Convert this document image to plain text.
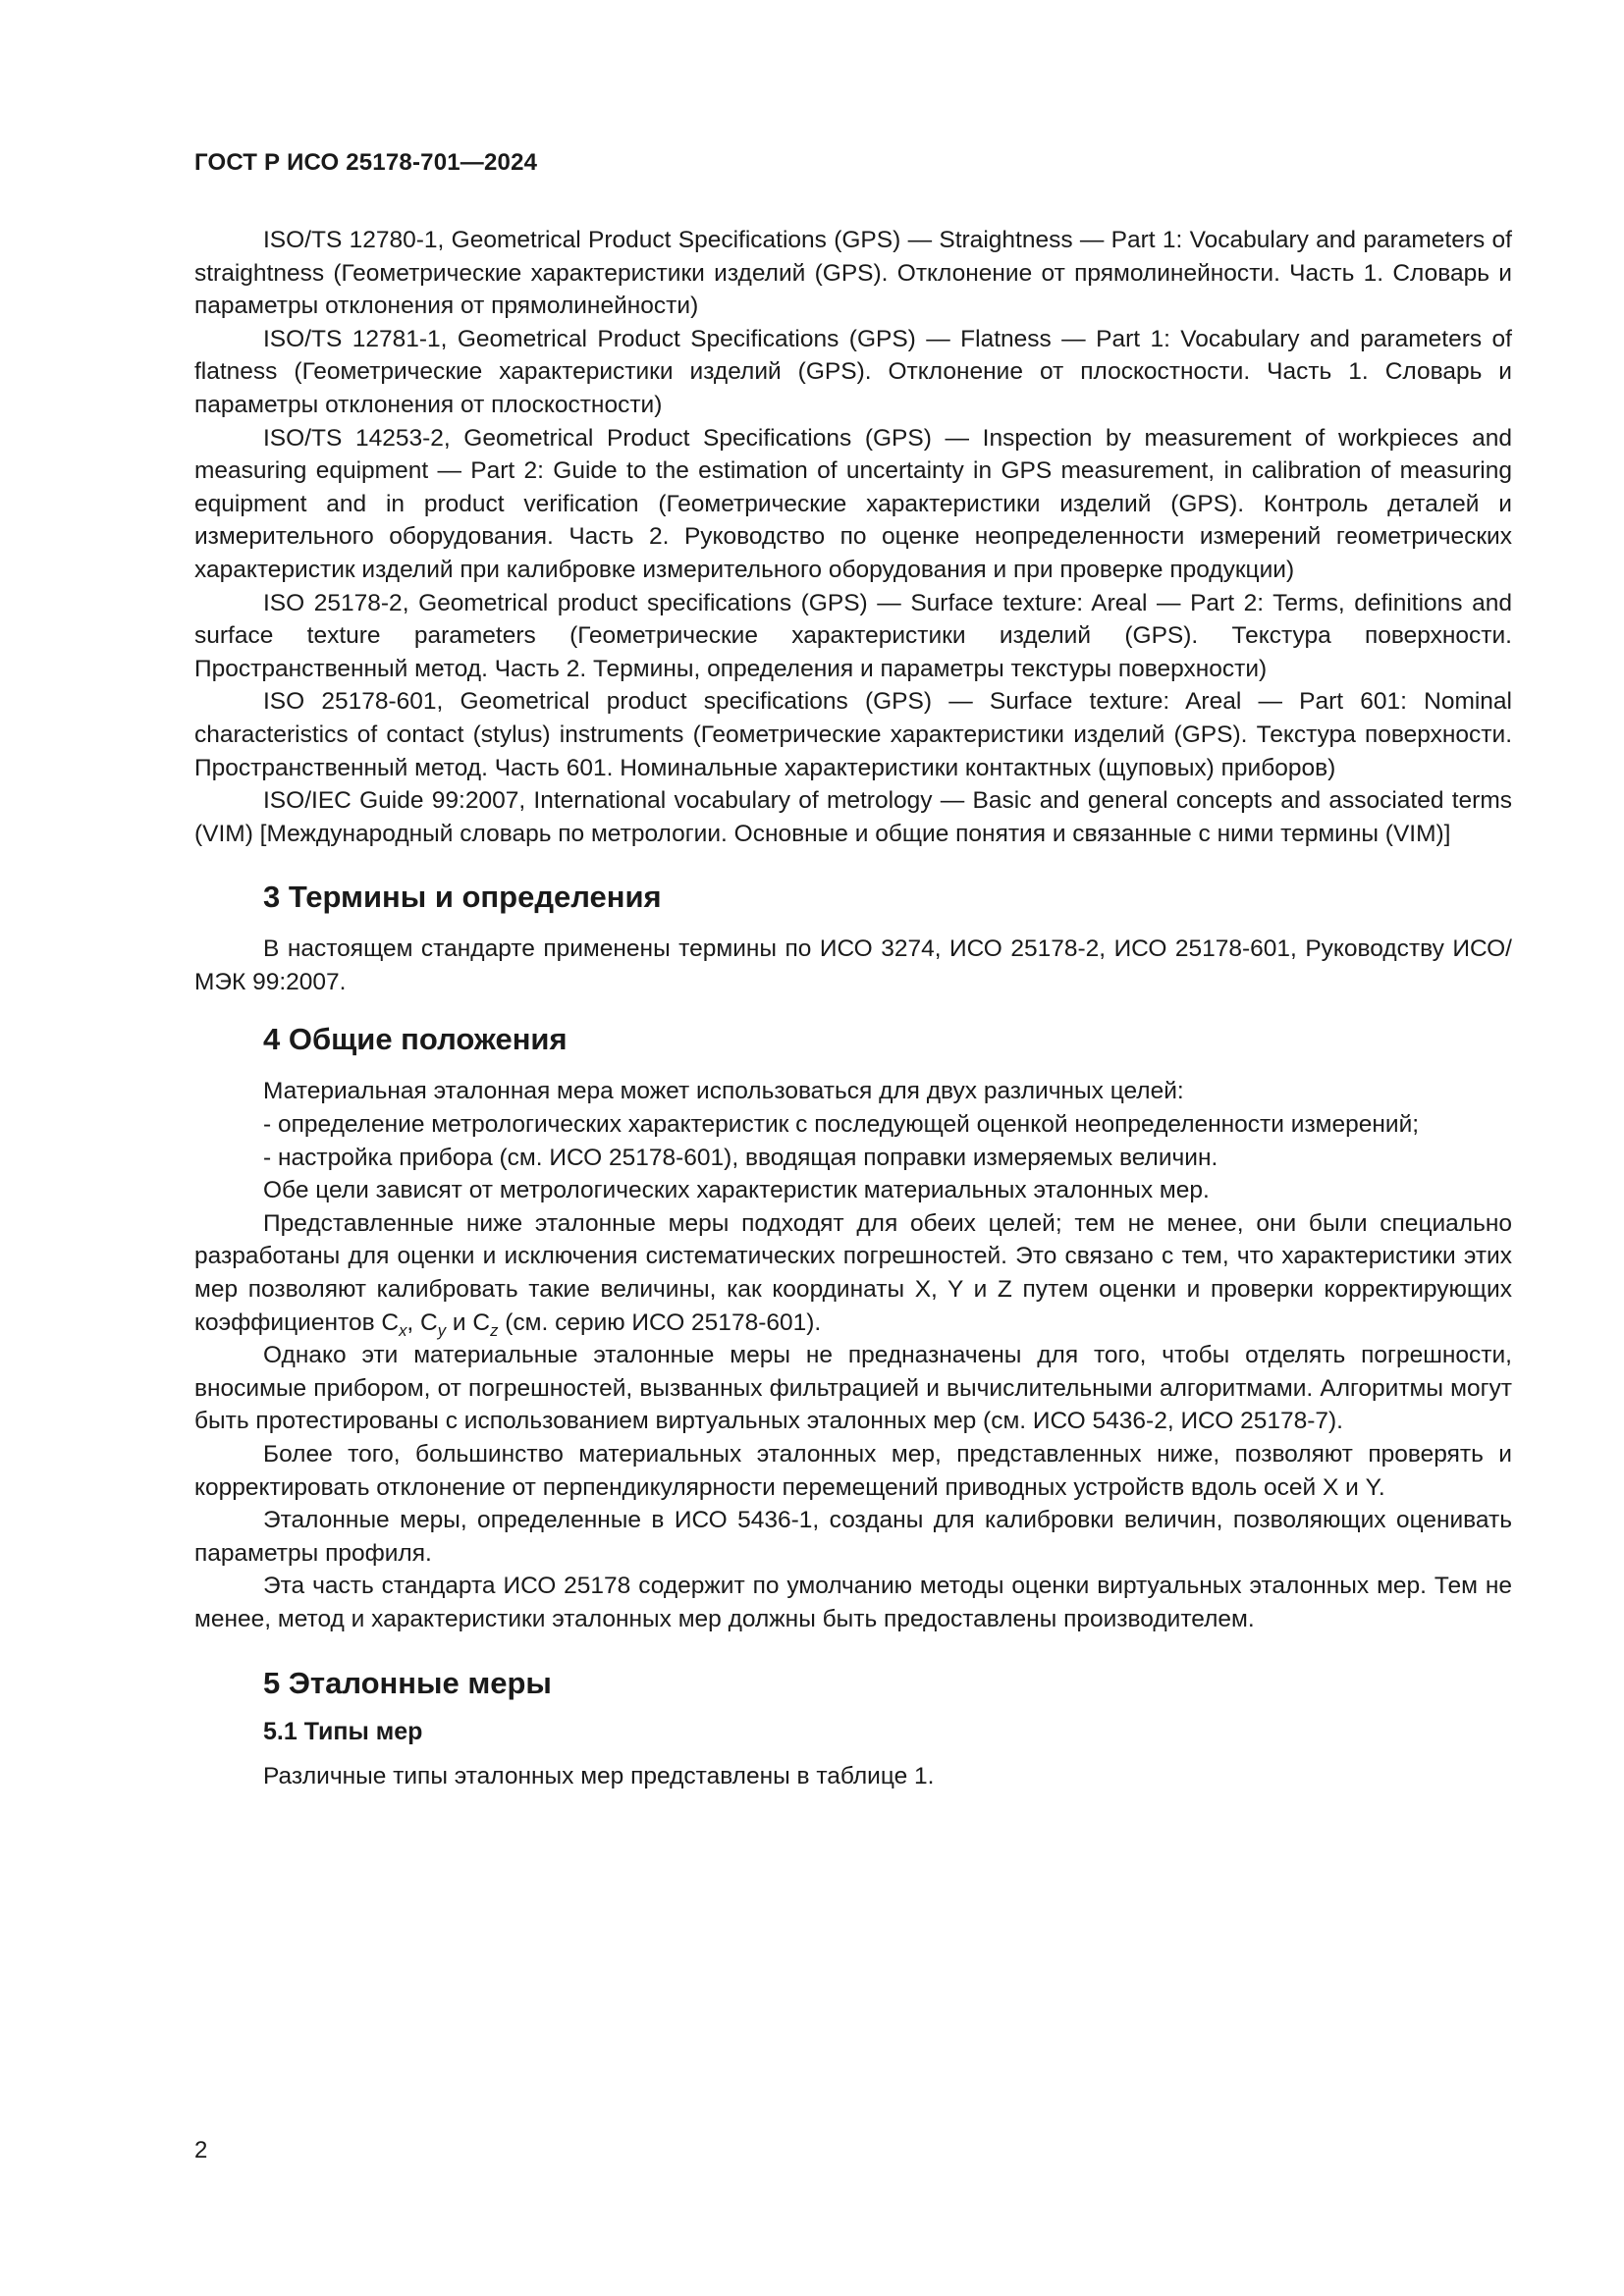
ГОСТ Р ИСО 25178-701—2024

ISO/TS 12780-1, Geometrical Product Specifications (GPS) — Straightness — Part 1: Vocabulary and parameters of straightness (Геометрические характеристики изделий (GPS). Отклонение от прямолинейности. Часть 1. Словарь и параметры отклонения от прямолинейности)

ISO/TS 12781-1, Geometrical Product Specifications (GPS) — Flatness — Part 1: Vocabulary and parameters of flatness (Геометрические характеристики изделий (GPS). Отклонение от плоскостности. Часть 1. Словарь и параметры отклонения от плоскостности)

ISO/TS 14253-2, Geometrical Product Specifications (GPS) — Inspection by measurement of workpieces and measuring equipment — Part 2: Guide to the estimation of uncertainty in GPS measurement, in calibration of measuring equipment and in product verification (Геометрические характеристики изделий (GPS). Контроль деталей и измерительного оборудования. Часть 2. Руководство по оценке неопределенности измерений геометрических характеристик изделий при калибровке измерительного оборудования и при проверке продукции)

ISO 25178-2, Geometrical product specifications (GPS) — Surface texture: Areal — Part 2: Terms, definitions and surface texture parameters (Геометрические характеристики изделий (GPS). Текстура поверхности. Пространственный метод. Часть 2. Термины, определения и параметры текстуры поверхности)

ISO 25178-601, Geometrical product specifications (GPS) — Surface texture: Areal — Part 601: Nominal characteristics of contact (stylus) instruments (Геометрические характеристики изделий (GPS). Текстура поверхности. Пространственный метод. Часть 601. Номинальные характеристики контактных (щуповых) приборов)

ISO/IEC Guide 99:2007, International vocabulary of metrology — Basic and general concepts and associated terms (VIM) [Международный словарь по метрологии. Основные и общие понятия и связанные с ними термины (VIM)]

3 Термины и определения

В настоящем стандарте применены термины по ИСО 3274, ИСО 25178-2, ИСО 25178-601, Руководству ИСО/МЭК 99:2007.

4 Общие положения

Материальная эталонная мера может использоваться для двух различных целей:

- определение метрологических характеристик с последующей оценкой неопределенности измерений;

- настройка прибора (см. ИСО 25178-601), вводящая поправки измеряемых величин.

Обе цели зависят от метрологических характеристик материальных эталонных мер.

Представленные ниже эталонные меры подходят для обеих целей; тем не менее, они были специально разработаны для оценки и исключения систематических погрешностей. Это связано с тем, что характеристики этих мер позволяют калибровать такие величины, как координаты X, Y и Z путем оценки и проверки корректирующих коэффициентов $C_x$, $C_y$ и $C_z$ (см. серию ИСО 25178-601).

Однако эти материальные эталонные меры не предназначены для того, чтобы отделять погрешности, вносимые прибором, от погрешностей, вызванных фильтрацией и вычислительными алгоритмами. Алгоритмы могут быть протестированы с использованием виртуальных эталонных мер (см. ИСО 5436-2, ИСО 25178-7).

Более того, большинство материальных эталонных мер, представленных ниже, позволяют проверять и корректировать отклонение от перпендикулярности перемещений приводных устройств вдоль осей X и Y.

Эталонные меры, определенные в ИСО 5436-1, созданы для калибровки величин, позволяющих оценивать параметры профиля.

Эта часть стандарта ИСО 25178 содержит по умолчанию методы оценки виртуальных эталонных мер. Тем не менее, метод и характеристики эталонных мер должны быть предоставлены производителем.

5 Эталонные меры
5.1 Типы мер

Различные типы эталонных мер представлены в таблице 1.

2
